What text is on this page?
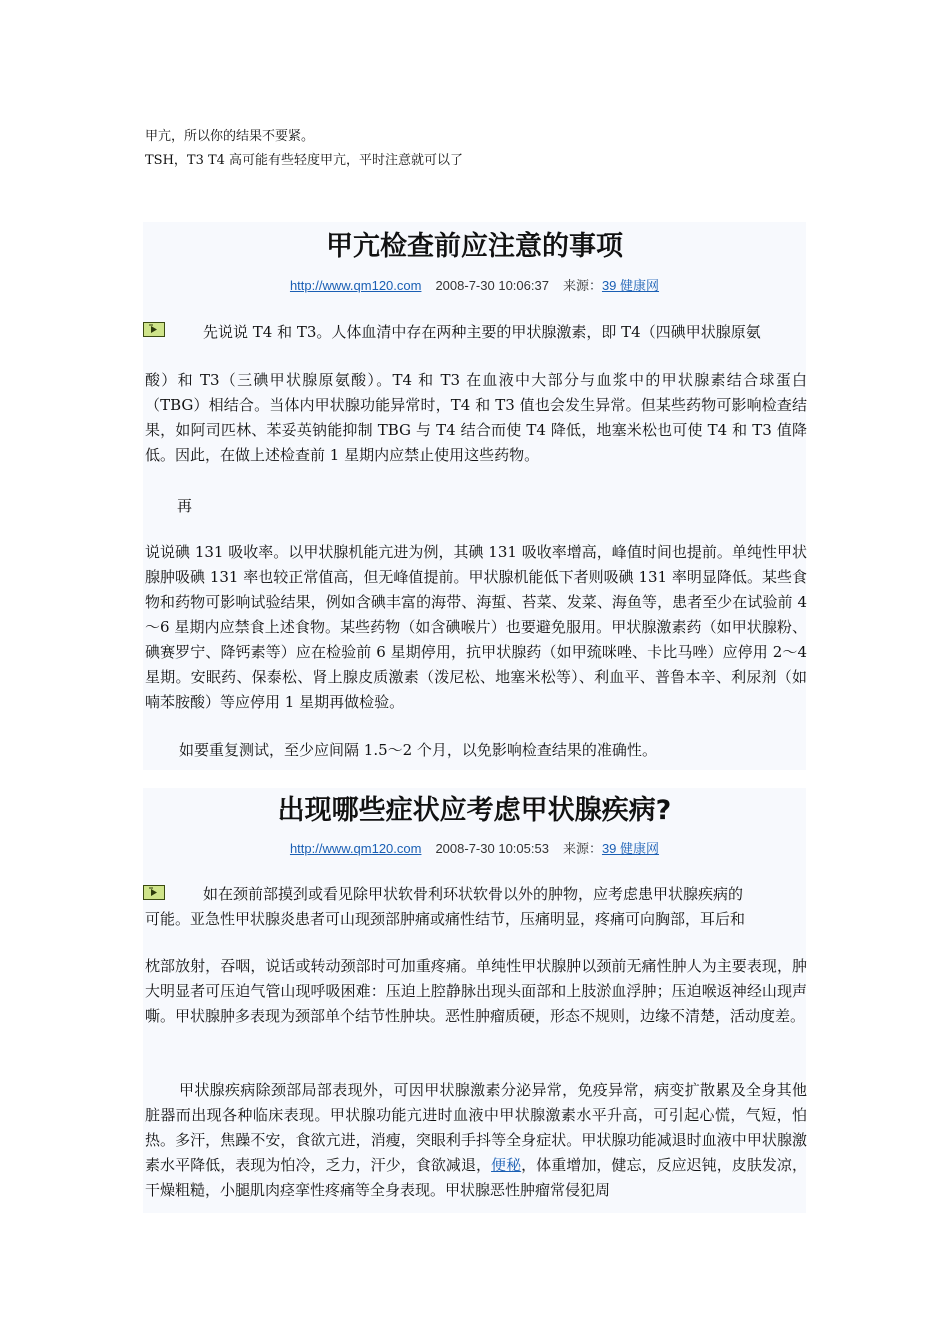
甲亢，所以你的结果不要紧。
TSH，T3 T4 高可能有些轻度甲亢，平时注意就可以了
甲亢检查前应注意的事项
http://www.qm120.com 2008-7-30 10:06:37 来源：39 健康网
先说说 T4 和 T3。人体血清中存在两种主要的甲状腺激素，即 T4（四碘甲状腺原氨
酸）和 T3（三碘甲状腺原氨酸）。T4 和 T3 在血液中大部分与血浆中的甲状腺素结合球蛋白（TBG）相结合。当体内甲状腺功能异常时，T4 和 T3 值也会发生异常。但某些药物可影响检查结果，如阿司匹林、苯妥英钠能抑制 TBG 与 T4 结合而使 T4 降低，地塞米松也可使 T4 和 T3 值降低。因此，在做上述检查前 1 星期内应禁止使用这些药物。
再
说说碘 131 吸收率。以甲状腺机能亢进为例，其碘 131 吸收率增高，峰值时间也提前。单纯性甲状腺肿吸碘 131 率也较正常值高，但无峰值提前。甲状腺机能低下者则吸碘 131 率明显降低。某些食物和药物可影响试验结果，例如含碘丰富的海带、海蜇、苔菜、发菜、海鱼等，患者至少在试验前 4～6 星期内应禁食上述食物。某些药物（如含碘喉片）也要避免服用。甲状腺激素药（如甲状腺粉、碘赛罗宁、降钙素等）应在检验前 6 星期停用，抗甲状腺药（如甲巯咪唑、卡比马唑）应停用 2～4 星期。安眠药、保泰松、肾上腺皮质激素（泼尼松、地塞米松等）、利血平、普鲁本辛、利尿剂（如喃苯胺酸）等应停用 1 星期再做检验。
如要重复测试，至少应间隔 1.5～2 个月，以免影响检查结果的准确性。
出现哪些症状应考虑甲状腺疾病?
http://www.qm120.com 2008-7-30 10:05:53 来源：39 健康网
如在颈前部摸刭或看见除甲状软骨利环状软骨以外的肿物，应考虑患甲状腺疾病的
可能。亚急性甲状腺炎患者可山现颈部肿痛或痛性结节，压痛明显，疼痛可向胸部，耳后和
枕部放射，吞咽，说话或转动颈部时可加重疼痛。单纯性甲状腺肿以颈前无痛性肿人为主要表现，肿大明显者可压迫气管山现呼吸困难：压迫上腔静脉出现头面部和上肢淤血浮肿；压迫喉返神经山现声嘶。甲状腺肿多表现为颈部单个结节性肿块。恶性肿瘤质硬，形态不规则，边缘不清楚，活动度差。
甲状腺疾病除颈部局部表现外，可因甲状腺激素分泌异常，免疫异常，病变扩散累及全身其他脏器而出现各种临床表现。甲状腺功能亢进时血液中甲状腺激素水平升高，可引起心慌，气短，怕热。多汗，焦躁不安，食欲亢进，消瘦，突眼利手抖等全身症状。甲状腺功能减退时血液中甲状腺激素水平降低，表现为怕冷，乏力，汗少，食欲减退，便秘，体重增加，健忘，反应迟钝，皮肤发凉，干燥粗糙，小腿肌肉痉挛性疼痛等全身表现。甲状腺恶性肿瘤常侵犯周
